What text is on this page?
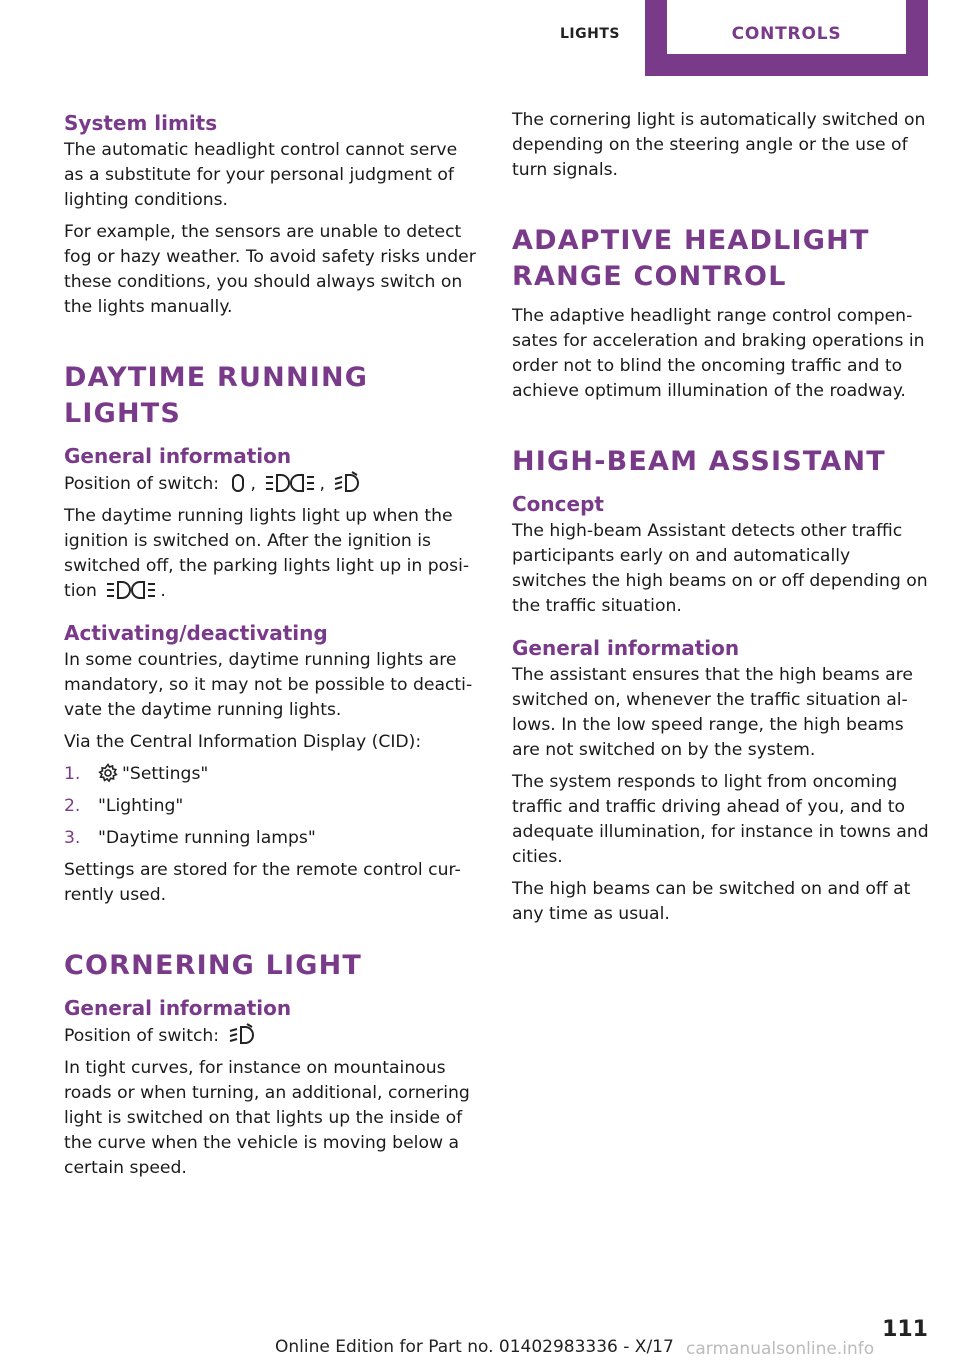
LIGHTS	CONTROLS
System limits

The automatic headlight control cannot serve as a substitute for your personal judgment of lighting conditions.

For example, the sensors are unable to detect fog or hazy weather. To avoid safety risks under these conditions, you should always switch on the lights manually.

DAYTIME RUNNING LIGHTS
General information

Position of switch: ,	,

The daytime running lights light up when the ignition is switched on. After the ignition is switched off, the parking lights light up in posi-
tion	.

Activating/deactivating

In some countries, daytime running lights are mandatory, so it may not be possible to deacti-vate the daytime running lights.

Via the Central Information Display (CID):

1.	"Settings"
2.	"Lighting"
3.	"Daytime running lamps"

Settings are stored for the remote control cur-rently used.

CORNERING LIGHT
General information

Position of switch:

In tight curves, for instance on mountainous roads or when turning, an additional, cornering light is switched on that lights up the inside of the curve when the vehicle is moving below a certain speed.

The cornering light is automatically switched on depending on the steering angle or the use of turn signals.

ADAPTIVE HEADLIGHT
RANGE CONTROL

The adaptive headlight range control compen-sates for acceleration and braking operations in order not to blind the oncoming traffic and to achieve optimum illumination of the roadway.

HIGH-BEAM ASSISTANT
Concept

The high-beam Assistant detects other traffic participants early on and automatically switches the high beams on or off depending on the traffic situation.

General information

The assistant ensures that the high beams are switched on, whenever the traffic situation al-lows. In the low speed range, the high beams are not switched on by the system.

The system responds to light from oncoming traffic and traffic driving ahead of you, and to adequate illumination, for instance in towns and cities.

The high beams can be switched on and off at any time as usual.

111
Online Edition for Part no. 01402983336 - X/17 carmanualsonline.info
